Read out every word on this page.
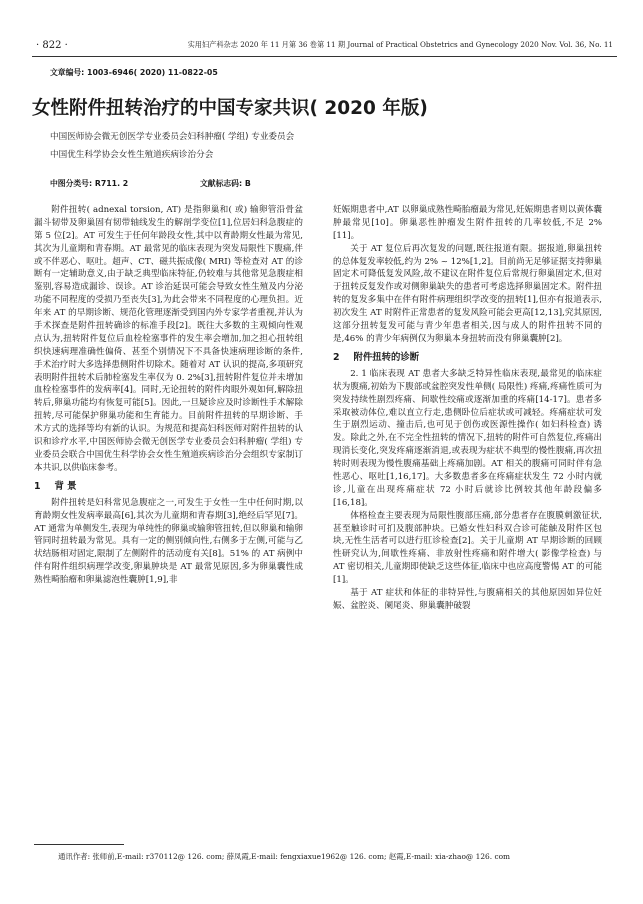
· 822 ·	实用妇产科杂志 2020 年 11 月第 36 卷第 11 期 Journal of Practical Obstetrics and Gynecology 2020 Nov. Vol. 36, No. 11
文章编号: 1003-6946( 2020) 11-0822-05
女性附件扭转治疗的中国专家共识( 2020 年版)
中国医师协会微无创医学专业委员会妇科肿瘤( 学组) 专业委员会
中国优生科学协会女性生殖道疾病诊治分会
中图分类号: R711. 2	文献标志码: B

附件扭转( adnexal torsion, AT) 是指卵巢和( 或) 输卵管沿骨盆漏斗韧带及卵巢固有韧带轴线发生的解剖学变位[1],位居妇科急腹症的第 5 位[2]。AT 可发生于任何年龄段女性,其中以育龄期女性最为常见,其次为儿童期和青春期。AT 最常见的临床表现为突发局限性下腹痛,伴或不伴恶心、呕吐。超声、CT、磁共振成像( MRI) 等检查对 AT 的诊断有一定辅助意义,由于缺乏典型临床特征,仍较难与其他常见急腹症相鉴别,容易造成漏诊、误诊。AT 诊治延误可能会导致女性生殖及内分泌功能不同程度的受损乃至丧失[3],为此会带来不同程度的心理负担。近年来 AT 的早期诊断、规范化管理逐渐受到国内外专家学者重视,并认为手术探查是附件扭转确诊的标准手段[2]。既往大多数的主观倾向性观点认为,扭转附件复位后血栓栓塞事件的发生率会增加,加之担心扭转组织快速病理准确性偏倚、甚至个别情况下不具备快速病理诊断的条件,手术治疗时大多选择患侧附件切除术。随着对 AT 认识的提高,多项研究表明附件扭转术后肺栓塞发生率仅为 0. 2%[3],扭转附件复位并未增加血栓栓塞事件的发病率[4]。同时,无论扭转的附件肉眼外观如何,解除扭转后,卵巢功能均有恢复可能[5]。因此,一旦疑诊应及时诊断性手术解除扭转,尽可能保护卵巢功能和生育能力。目前附件扭转的早期诊断、手术方式的选择等均有新的认识。为规范和提高妇科医师对附件扭转的认识和诊疗水平,中国医师协会微无创医学专业委员会妇科肿瘤( 学组) 专业委员会联合中国优生科学协会女性生殖道疾病诊治分会组织专家制订本共识,以供临床参考。

1 背 景

附件扭转是妇科常见急腹症之一,可发生于女性一生中任何时期,以育龄期女性发病率最高[6],其次为儿童期和青春期[3],绝经后罕见[7]。AT 通常为单侧发生,表现为单纯性的卵巢或输卵管扭转,但以卵巢和输卵管同时扭转最为常见。具有一定的侧别倾向性,右侧多于左侧,可能与乙状结肠相对固定,限制了左侧附件的活动度有关[8]。51% 的 AT 病例中伴有附件组织病理学改变,卵巢肿块是 AT 最常见原因,多为卵巢囊性成熟性畸胎瘤和卵巢滤泡性囊肿[1,9],非

妊娠期患者中,AT 以卵巢成熟性畸胎瘤最为常见,妊娠期患者则以黄体囊肿最常见[10]。卵巢恶性肿瘤发生附件扭转的几率较低,不足 2%[11]。

关于 AT 复位后再次复发的问题,既往报道有限。据报道,卵巢扭转的总体复发率较低,约为 2% ~ 12%[1,2]。目前尚无足够证据支持卵巢固定术可降低复发风险,故不建议在附件复位后常规行卵巢固定术,但对于扭转反复发作或对侧卵巢缺失的患者可考虑选择卵巢固定术。附件扭转的复发多集中在伴有附件病理组织学改变的扭转[1],但亦有报道表示,初次发生 AT 时附件正常患者的复发风险可能会更高[12,13],究其原因,这部分扭转复发可能与青少年患者相关,因与成人的附件扭转不同的是,46% 的青少年病例仅为卵巢本身扭转而没有卵巢囊肿[2]。

2 附件扭转的诊断

2. 1 临床表现 AT 患者大多缺乏特异性临床表现,最常见的临床症状为腹痛,初始为下腹部或盆腔突发性单侧( 局限性) 疼痛,疼痛性质可为突发持续性剧烈疼痛、间歇性绞痛或逐渐加重的疼痛[14-17]。患者多采取被动体位,难以直立行走,患侧卧位后症状或可减轻。疼痛症状可发生于剧烈运动、撞击后,也可见于创伤或医源性操作( 如妇科检查) 诱发。除此之外,在不完全性扭转的情况下,扭转的附件可自然复位,疼痛出现消长变化,突发疼痛逐渐消退,或表现为症状不典型的慢性腹痛,再次扭转时则表现为慢性腹痛基础上疼痛加剧。AT 相关的腹痛可同时伴有急性恶心、呕吐[1,16,17]。大多数患者多在疼痛症状发生 72 小时内就诊,儿童在出现疼痛症状 72 小时后就诊比例较其他年龄段偏多[16,18]。

体格检查主要表现为局限性腹部压痛,部分患者存在腹膜刺激征状,甚至触诊时可扪及腹部肿块。已婚女性妇科双合诊可能触及附件区包块,无性生活者可以进行肛诊检查[2]。关于儿童期 AT 早期诊断的回顾性研究认为,间歇性疼痛、非放射性疼痛和附件增大( 影像学检查) 与 AT 密切相关,儿童期即使缺乏这些体征,临床中也应高度警惕 AT 的可能[1]。

基于 AT 症状和体征的非特异性,与腹痛相关的其他原因如异位妊娠、盆腔炎、阑尾炎、卵巢囊肿破裂

通讯作者: 张师前,E-mail: r370112@ 126. com; 薛凤霞,E-mail: fengxiaxue1962@ 126. com; 赵霞,E-mail: xia-zhao@ 126. com
